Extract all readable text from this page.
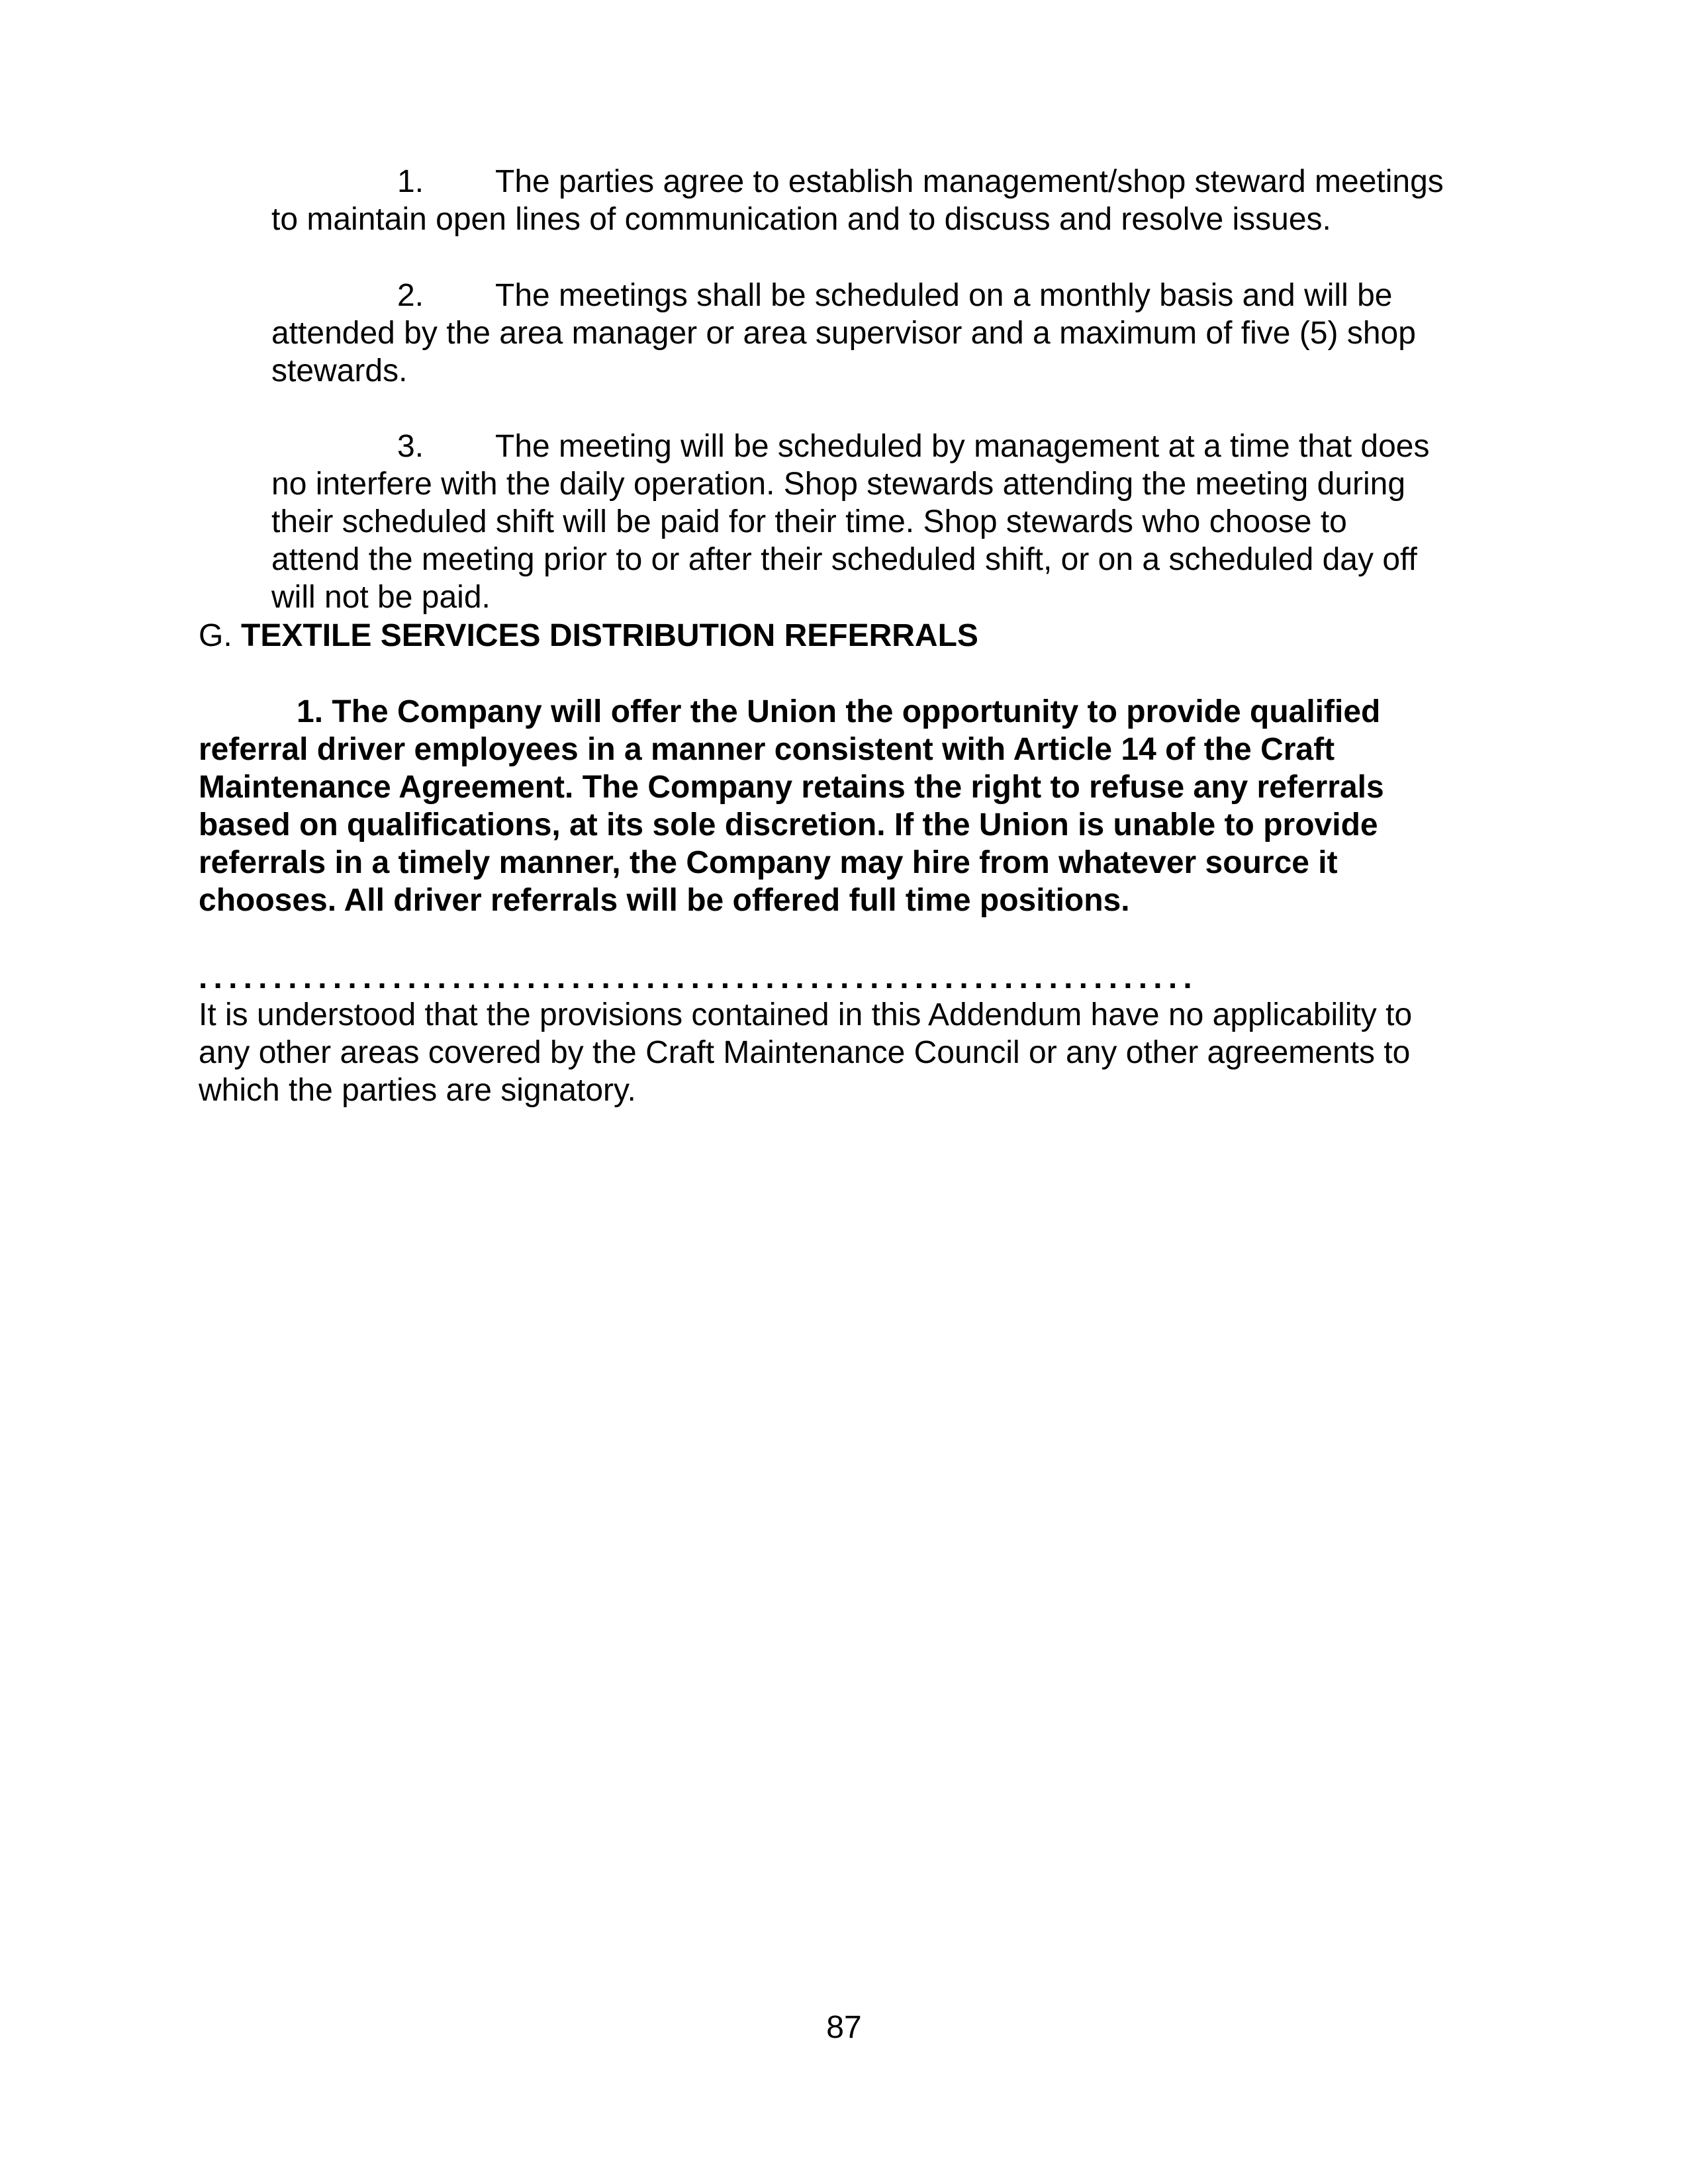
1. The parties agree to establish management/shop steward meetings
to maintain open lines of communication and to discuss and resolve issues.
2. The meetings shall be scheduled on a monthly basis and will be
attended by the area manager or area supervisor and a maximum of five (5) shop
stewards.
3. The meeting will be scheduled by management at a time that does
no interfere with the daily operation. Shop stewards attending the meeting during
their scheduled shift will be paid for their time. Shop stewards who choose to
attend the meeting prior to or after their scheduled shift, or on a scheduled day off
will not be paid.
G. TEXTILE SERVICES DISTRIBUTION REFERRALS
1. The Company will offer the Union the opportunity to provide qualified
referral driver employees in a manner consistent with Article 14 of the Craft
Maintenance Agreement. The Company retains the right to refuse any referrals
based on qualifications, at its sole discretion. If the Union is unable to provide
referrals in a timely manner, the Company may hire from whatever source it
chooses. All driver referrals will be offered full time positions.
...................................................................
It is understood that the provisions contained in this Addendum have no applicability to
any other areas covered by the Craft Maintenance Council or any other agreements to
which the parties are signatory.
87
